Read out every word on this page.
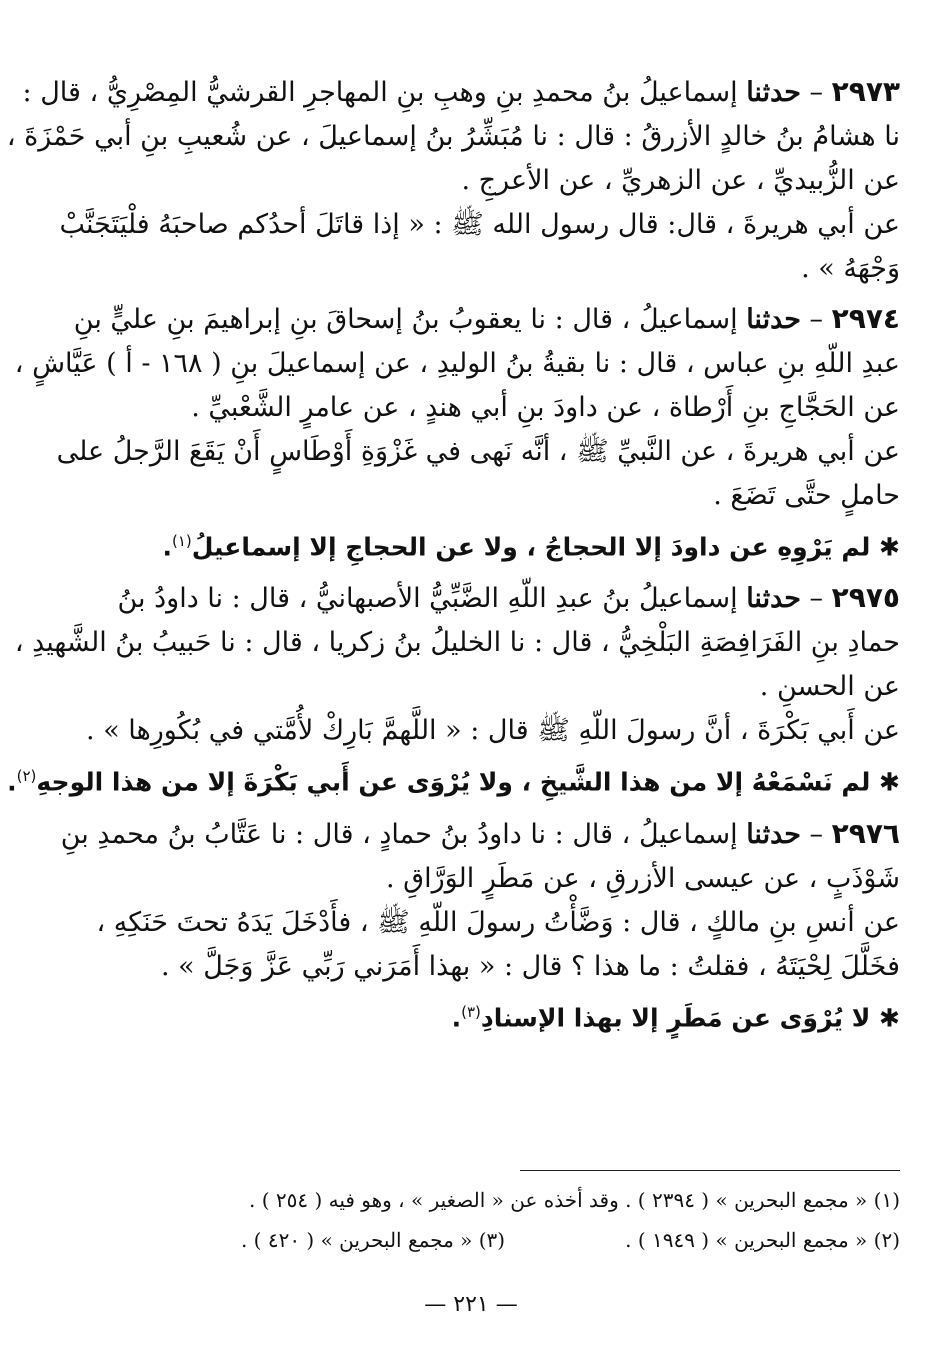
٢٩٧٣ – حدثنا إسماعيلُ بنُ محمدِ بنِ وهبِ بنِ المهاجرِ القرشيُّ المِصْرِيُّ ، قال :
نا هشامُ بنُ خالدٍ الأزرقُ : قال : نا مُبَشِّرُ بنُ إسماعيلَ ، عن شُعيبِ بنِ أبي حَمْزَةَ ،
عن الزُّبيديِّ ، عن الزهريِّ ، عن الأعرجِ .
عن أبي هريرةَ ، قال: قال رسول الله ﷺ : « إذا قاتَلَ أحدُكم صاحبَهُ فلْيَتَجَنَّبْ
وَجْهَهُ » .
٢٩٧٤ – حدثنا إسماعيلُ ، قال : نا يعقوبُ بنُ إسحاقَ بنِ إبراهيمَ بنِ عليٍّ بنِ
عبدِ اللّهِ بنِ عباس ، قال : نا بقيةُ بنُ الوليدِ ، عن إسماعيلَ بنِ ( ١٦٨ - أ ) عَيَّاشٍ ،
عن الحَجَّاجِ بنِ أَرْطاة ، عن داودَ بنِ أبي هندٍ ، عن عامرٍ الشَّعْبيِّ .
عن أبي هريرةَ ، عن النَّبيِّ ﷺ ، أنَّه نَهى في غَزْوَةِ أَوْطَاسٍ أَنْ يَقَعَ الرَّجلُ على
حاملٍ حتَّى تَضَعَ .
✱ لم يَرْوِهِ عن داودَ إلا الحجاجُ ، ولا عن الحجاجِ إلا إسماعيلُ$^{(١)}$.
٢٩٧٥ – حدثنا إسماعيلُ بنُ عبدِ اللّهِ الضَّبِّيُّ الأصبهانيُّ ، قال : نا داودُ بنُ
حمادِ بنِ الفَرَافِصَةِ البَلْخِيُّ ، قال : نا الخليلُ بنُ زكريا ، قال : نا حَبيبُ بنُ الشَّهيدِ ،
عن الحسنِ .
عن أَبي بَكْرَةَ ، أنَّ رسولَ اللّهِ ﷺ قال : « اللَّهمَّ بَارِكْ لأُمَّتي في بُكُورِها » .
✱ لم نَسْمَعْهُ إلا من هذا الشَّيخِ ، ولا يُرْوَى عن أَبي بَكْرَةَ إلا من هذا الوجهِ$^{(٢)}$.
٢٩٧٦ – حدثنا إسماعيلُ ، قال : نا داودُ بنُ حمادٍ ، قال : نا عَتَّابُ بنُ محمدِ بنِ
شَوْذَبٍ ، عن عيسى الأزرقِ ، عن مَطَرٍ الوَرَّاقِ .
عن أنسِ بنِ مالكٍ ، قال : وَضَّأْتُ رسولَ اللّهِ ﷺ ، فأَدْخَلَ يَدَهُ تحتَ حَنَكِهِ ،
فخَلَّلَ لِحْيَتَهُ ، فقلتُ : ما هذا ؟ قال : « بهذا أَمَرَني رَبِّي عَزَّ وَجَلَّ » .
✱ لا يُرْوَى عن مَطَرٍ إلا بهذا الإسنادِ$^{(٣)}$.
(١) « مجمع البحرين » ( ٢٣٩٤ ) . وقد أخذه عن « الصغير » ، وهو فيه ( ٢٥٤ ) .
(٢) « مجمع البحرين » ( ١٩٤٩ ) .(٣) « مجمع البحرين » ( ٤٢٠ ) .
— ٢٢١ —
